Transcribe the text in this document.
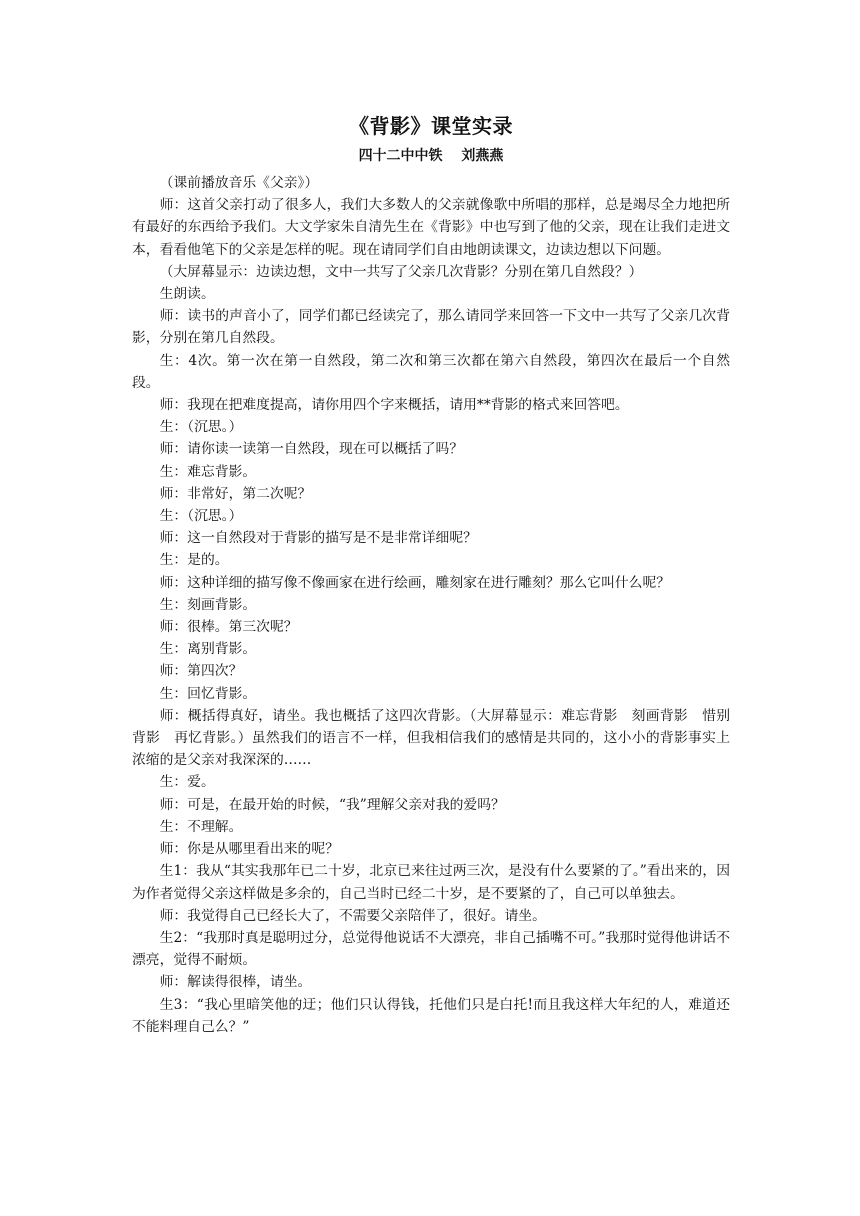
《背影》课堂实录
四十二中中铁　 刘燕燕

（课前播放音乐《父亲》）

师：这首父亲打动了很多人，我们大多数人的父亲就像歌中所唱的那样，总是竭尽全力地把所有最好的东西给予我们。大文学家朱自清先生在《背影》中也写到了他的父亲，现在让我们走进文本，看看他笔下的父亲是怎样的呢。现在请同学们自由地朗读课文，边读边想以下问题。

（大屏幕显示：边读边想，文中一共写了父亲几次背影？分别在第几自然段？）

生朗读。

师：读书的声音小了，同学们都已经读完了，那么请同学来回答一下文中一共写了父亲几次背影，分别在第几自然段。

生：4次。第一次在第一自然段，第二次和第三次都在第六自然段，第四次在最后一个自然段。

师：我现在把难度提高，请你用四个字来概括，请用**背影的格式来回答吧。

生：（沉思。）

师：请你读一读第一自然段，现在可以概括了吗？

生：难忘背影。

师：非常好，第二次呢？

生：（沉思。）

师：这一自然段对于背影的描写是不是非常详细呢？

生：是的。

师：这种详细的描写像不像画家在进行绘画，雕刻家在进行雕刻？那么它叫什么呢？

生：刻画背影。

师：很棒。第三次呢？

生：离别背影。

师：第四次？

生：回忆背影。

师：概括得真好，请坐。我也概括了这四次背影。（大屏幕显示：难忘背影　刻画背影　惜别背影　再忆背影。）虽然我们的语言不一样，但我相信我们的感情是共同的，这小小的背影事实上浓缩的是父亲对我深深的……

生：爱。

师：可是，在最开始的时候，“我”理解父亲对我的爱吗？

生：不理解。

师：你是从哪里看出来的呢？

生1：我从“其实我那年已二十岁，北京已来往过两三次，是没有什么要紧的了。”看出来的，因为作者觉得父亲这样做是多余的，自己当时已经二十岁，是不要紧的了，自己可以单独去。

师：我觉得自己已经长大了，不需要父亲陪伴了，很好。请坐。

生2：“我那时真是聪明过分，总觉得他说话不大漂亮，非自己插嘴不可。”我那时觉得他讲话不漂亮，觉得不耐烦。

师：解读得很棒，请坐。

生3：“我心里暗笑他的迂；他们只认得钱，托他们只是白托!而且我这样大年纪的人，难道还不能料理自己么？”
